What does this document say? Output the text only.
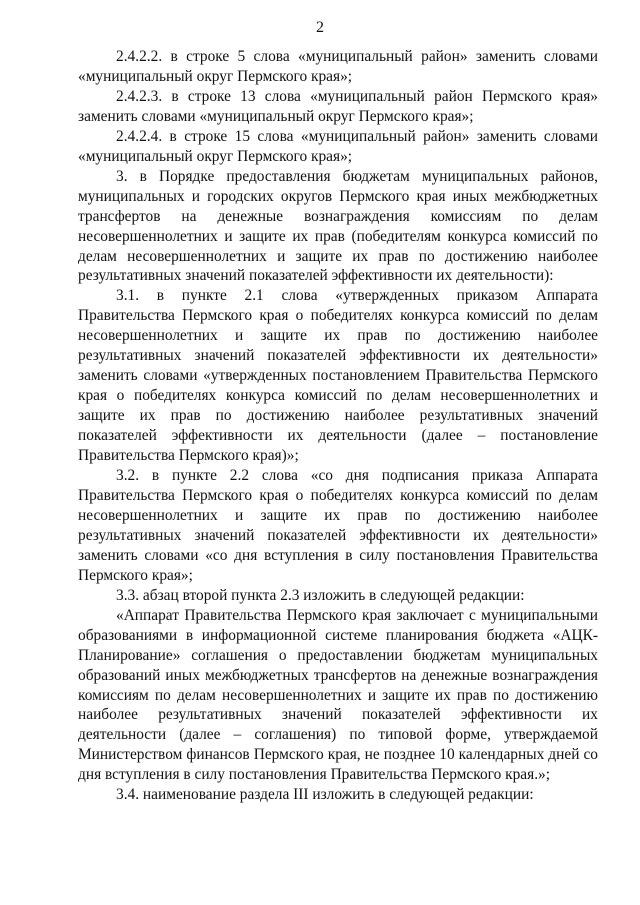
2

2.4.2.2. в строке 5 слова «муниципальный район» заменить словами «муниципальный округ Пермского края»;

2.4.2.3. в строке 13 слова «муниципальный район Пермского края» заменить словами «муниципальный округ Пермского края»;

2.4.2.4. в строке 15 слова «муниципальный район» заменить словами «муниципальный округ Пермского края»;

3. в Порядке предоставления бюджетам муниципальных районов, муниципальных и городских округов Пермского края иных межбюджетных трансфертов на денежные вознаграждения комиссиям по делам несовершеннолетних и защите их прав (победителям конкурса комиссий по делам несовершеннолетних и защите их прав по достижению наиболее результативных значений показателей эффективности их деятельности):

3.1. в пункте 2.1 слова «утвержденных приказом Аппарата Правительства Пермского края о победителях конкурса комиссий по делам несовершеннолетних и защите их прав по достижению наиболее результативных значений показателей эффективности их деятельности» заменить словами «утвержденных постановлением Правительства Пермского края о победителях конкурса комиссий по делам несовершеннолетних и защите их прав по достижению наиболее результативных значений показателей эффективности их деятельности (далее – постановление Правительства Пермского края)»;

3.2. в пункте 2.2 слова «со дня подписания приказа Аппарата Правительства Пермского края о победителях конкурса комиссий по делам несовершеннолетних и защите их прав по достижению наиболее результативных значений показателей эффективности их деятельности» заменить словами «со дня вступления в силу постановления Правительства Пермского края»;

3.3. абзац второй пункта 2.3 изложить в следующей редакции:

«Аппарат Правительства Пермского края заключает с муниципальными образованиями в информационной системе планирования бюджета «АЦК-Планирование» соглашения о предоставлении бюджетам муниципальных образований иных межбюджетных трансфертов на денежные вознаграждения комиссиям по делам несовершеннолетних и защите их прав по достижению наиболее результативных значений показателей эффективности их деятельности (далее – соглашения) по типовой форме, утверждаемой Министерством финансов Пермского края, не позднее 10 календарных дней со дня вступления в силу постановления Правительства Пермского края.»;

3.4. наименование раздела III изложить в следующей редакции:
